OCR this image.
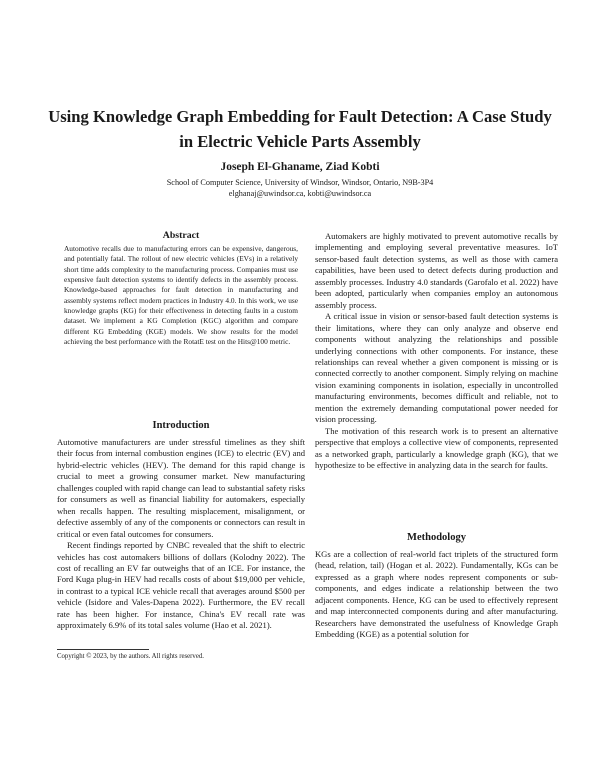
Using Knowledge Graph Embedding for Fault Detection: A Case Study
in Electric Vehicle Parts Assembly
Joseph El-Ghaname, Ziad Kobti
School of Computer Science, University of Windsor, Windsor, Ontario, N9B-3P4
elghanaj@uwindsor.ca, kobti@uwindsor.ca
Abstract

Automotive recalls due to manufacturing errors can be expensive, dangerous, and potentially fatal. The rollout of new electric vehicles (EVs) in a relatively short time adds complexity to the manufacturing process. Companies must use expensive fault detection systems to identify defects in the assembly process. Knowledge-based approaches for fault detection in manufacturing and assembly systems reflect modern practices in Industry 4.0. In this work, we use knowledge graphs (KG) for their effectiveness in detecting faults in a custom dataset. We implement a KG Completion (KGC) algorithm and compare different KG Embedding (KGE) models. We show results for the model achieving the best performance with the RotatE test on the Hits@100 metric.

Introduction

Automotive manufacturers are under stressful timelines as they shift their focus from internal combustion engines (ICE) to electric (EV) and hybrid-electric vehicles (HEV). The demand for this rapid change is crucial to meet a growing consumer market. New manufacturing challenges coupled with rapid change can lead to substantial safety risks for consumers as well as financial liability for automakers, especially when recalls happen. The resulting misplacement, misalignment, or defective assembly of any of the components or connectors can result in critical or even fatal outcomes for consumers.

Recent findings reported by CNBC revealed that the shift to electric vehicles has cost automakers billions of dollars (Kolodny 2022). The cost of recalling an EV far outweighs that of an ICE. For instance, the Ford Kuga plug-in HEV had recalls costs of about $19,000 per vehicle, in contrast to a typical ICE vehicle recall that averages around $500 per vehicle (Isidore and Vales-Dapena 2022). Furthermore, the EV recall rate has been higher. For instance, China's EV recall rate was approximately 6.9% of its total sales volume (Hao et al. 2021).

Copyright © 2023, by the authors. All rights reserved.

Automakers are highly motivated to prevent automotive recalls by implementing and employing several preventative measures. IoT sensor-based fault detection systems, as well as those with camera capabilities, have been used to detect defects during production and assembly processes. Industry 4.0 standards (Garofalo et al. 2022) have been adopted, particularly when companies employ an autonomous assembly process.

A critical issue in vision or sensor-based fault detection systems is their limitations, where they can only analyze and observe end components without analyzing the relationships and possible underlying connections with other components. For instance, these relationships can reveal whether a given component is missing or is connected correctly to another component. Simply relying on machine vision examining components in isolation, especially in uncontrolled manufacturing environments, becomes difficult and reliable, not to mention the extremely demanding computational power needed for vision processing.

The motivation of this research work is to present an alternative perspective that employs a collective view of components, represented as a networked graph, particularly a knowledge graph (KG), that we hypothesize to be effective in analyzing data in the search for faults.

Methodology

KGs are a collection of real-world fact triplets of the structured form (head, relation, tail) (Hogan et al. 2022). Fundamentally, KGs can be expressed as a graph where nodes represent components or sub-components, and edges indicate a relationship between the two adjacent components. Hence, KG can be used to effectively represent and map interconnected components during and after manufacturing. Researchers have demonstrated the usefulness of Knowledge Graph Embedding (KGE) as a potential solution for
